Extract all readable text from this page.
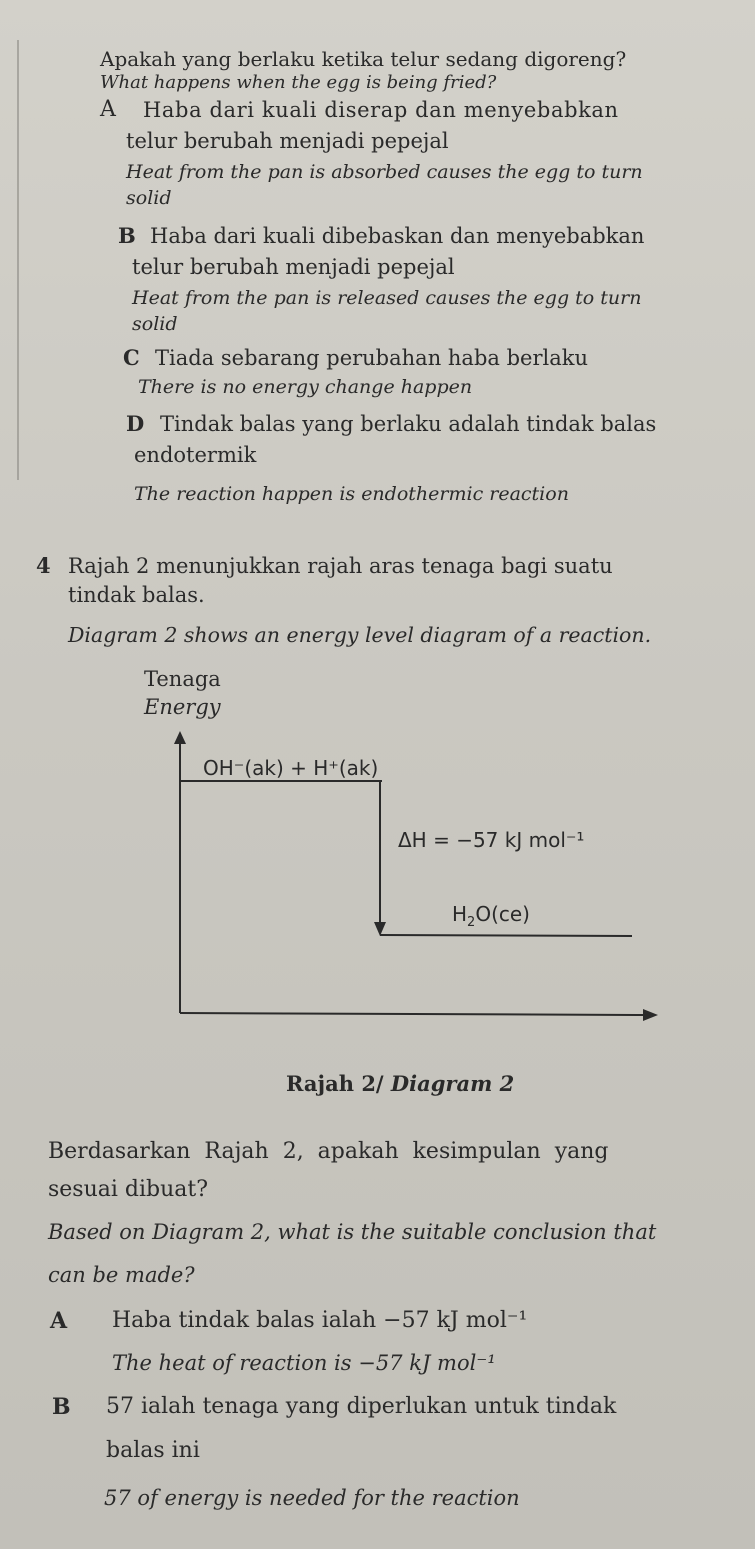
Apakah yang berlaku ketika telur sedang digoreng?
What happens when the egg is being fried?
A Haba dari kuali diserap dan menyebabkan
telur berubah menjadi pepejal
Heat from the pan is absorbed causes the egg to turn
solid
B Haba dari kuali dibebaskan dan menyebabkan
telur berubah menjadi pepejal
Heat from the pan is released causes the egg to turn
solid
C Tiada sebarang perubahan haba berlaku
There is no energy change happen
D Tindak balas yang berlaku adalah tindak balas
endotermik
The reaction happen is endothermic reaction
4 Rajah 2 menunjukkan rajah aras tenaga bagi suatu
tindak balas.
Diagram 2 shows an energy level diagram of a reaction.
Tenaga
Energy
OH⁻(ak) + H⁺(ak)
ΔH = −57 kJ mol⁻¹
$H_2O(ce)$
Rajah 2/ Diagram 2
Berdasarkan  Rajah  2,  apakah  kesimpulan  yang
sesuai dibuat?
Based on Diagram 2, what is the suitable conclusion that
can be made?
A Haba tindak balas ialah −57 kJ mol⁻¹
The heat of reaction is −57 kJ mol⁻¹
B 57 ialah tenaga yang diperlukan untuk tindak
balas ini
57 of energy is needed for the reaction
